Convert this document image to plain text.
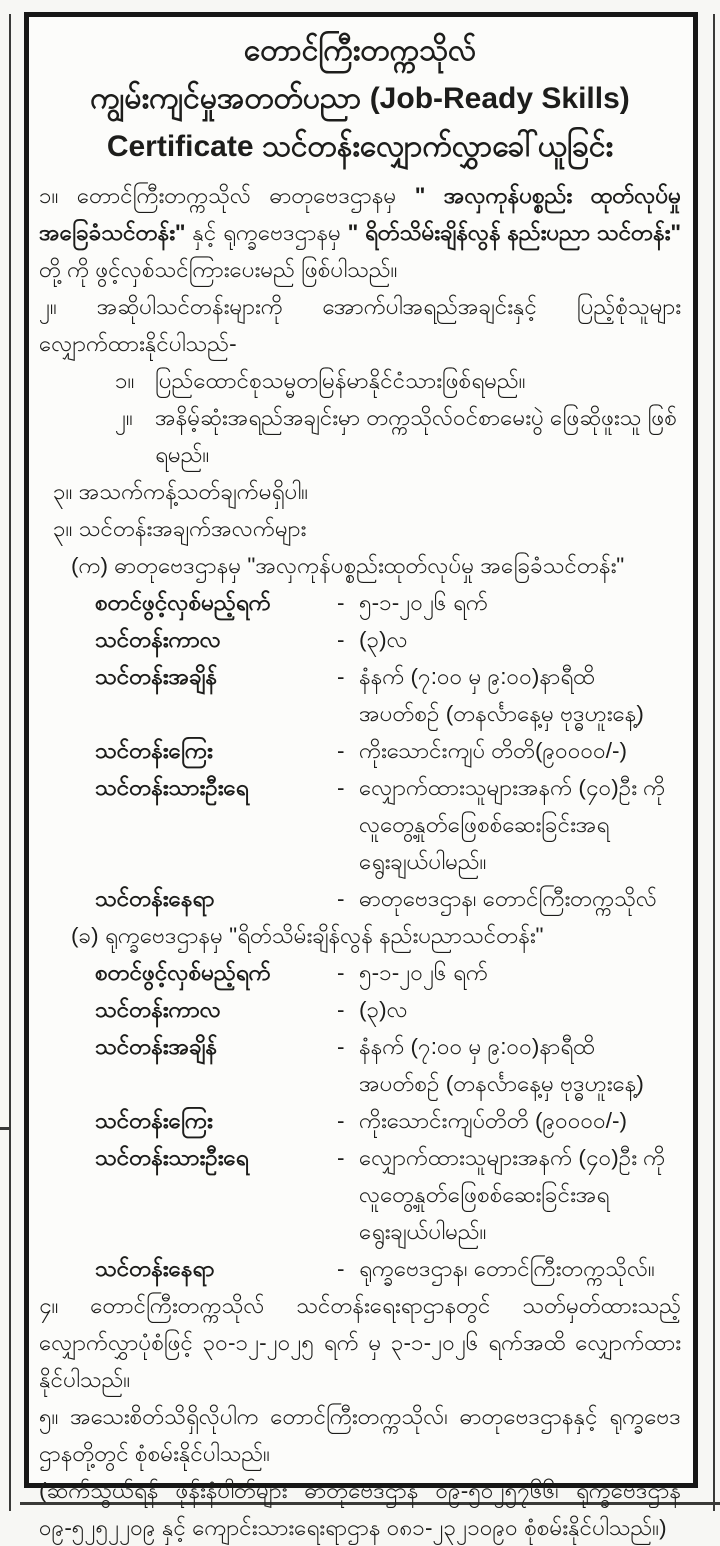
တောင်ကြီးတက္ကသိုလ်
ကျွမ်းကျင်မှုအတတ်ပညာ (Job-Ready Skills)
Certificate သင်တန်းလျှောက်လွှာခေါ်ယူခြင်း

၁။ တောင်ကြီးတက္ကသိုလ် ဓာတုဗေဒဌာနမှ " အလှကုန်ပစ္စည်း ထုတ်လုပ်မှု အခြေခံသင်တန်း" နှင့် ရုက္ခဗေဒဌာနမှ " ရိတ်သိမ်းချိန်လွန် နည်းပညာ သင်တန်း" တို့ ကို ဖွင့်လှစ်သင်ကြားပေးမည် ဖြစ်ပါသည်။

၂။ အဆိုပါသင်တန်းများကို အောက်ပါအရည်အချင်းနှင့် ပြည့်စုံသူများ လျှောက်ထားနိုင်ပါသည်-

၁။ ပြည်ထောင်စုသမ္မတမြန်မာနိုင်ငံသားဖြစ်ရမည်။
၂။ အနိမ့်ဆုံးအရည်အချင်းမှာ တက္ကသိုလ်ဝင်စာမေးပွဲ ဖြေဆိုဖူးသူ ဖြစ်ရမည်။
၃။ အသက်ကန့်သတ်ချက်မရှိပါ။
၃။ သင်တန်းအချက်အလက်များ
(က) ဓာတုဗေဒဌာနမှ "အလှကုန်ပစ္စည်းထုတ်လုပ်မှု အခြေခံသင်တန်း"
စတင်ဖွင့်လှစ်မည့်ရက်	- ၅-၁-၂၀၂၆ ရက်
သင်တန်းကာလ	- (၃)လ
သင်တန်းအချိန်	- နံနက် (၇:၀၀ မှ ၉:၀၀)နာရီထိ အပတ်စဉ် (တနင်္လာနေ့မှ ဗုဒ္ဓဟူးနေ့)
သင်တန်းကြေး	- ကိုးသောင်းကျပ် တိတိ(၉၀၀၀၀/-)
သင်တန်းသားဦးရေ	- လျှောက်ထားသူများအနက် (၄၀)ဦး ကိုလူတွေ့နှုတ်ဖြေစစ်ဆေးခြင်းအရ ရွေးချယ်ပါမည်။
သင်တန်းနေရာ	- ဓာတုဗေဒဌာန၊ တောင်ကြီးတက္ကသိုလ်
(ခ) ရုက္ခဗေဒဌာနမှ "ရိတ်သိမ်းချိန်လွန် နည်းပညာသင်တန်း"
စတင်ဖွင့်လှစ်မည့်ရက်	- ၅-၁-၂၀၂၆ ရက်
သင်တန်းကာလ	- (၃)လ
သင်တန်းအချိန်	- နံနက် (၇:၀၀ မှ ၉:၀၀)နာရီထိ အပတ်စဉ် (တနင်္လာနေ့မှ ဗုဒ္ဓဟူးနေ့)
သင်တန်းကြေး	- ကိုးသောင်းကျပ်တိတိ (၉၀၀၀၀/-)
သင်တန်းသားဦးရေ	- လျှောက်ထားသူများအနက် (၄၀)ဦး ကို လူတွေ့နှုတ်ဖြေစစ်ဆေးခြင်းအရ ရွေးချယ်ပါမည်။
သင်တန်းနေရာ	- ရုက္ခဗေဒဌာန၊ တောင်ကြီးတက္ကသိုလ်။

၄။ တောင်ကြီးတက္ကသိုလ် သင်တန်းရေးရာဌာနတွင် သတ်မှတ်ထားသည့် လျှောက်လွှာပုံစံဖြင့် ၃၀-၁၂-၂၀၂၅ ရက် မှ ၃-၁-၂၀၂၆ ရက်အထိ လျှောက်ထားနိုင်ပါသည်။

၅။ အသေးစိတ်သိရှိလိုပါက တောင်ကြီးတက္ကသိုလ်၊ ဓာတုဗေဒဌာနနှင့် ရုက္ခဗေဒဌာနတို့တွင် စုံစမ်းနိုင်ပါသည်။

(ဆက်သွယ်ရန် ဖုန်းနံပါတ်များ ဓာတုဗေဒဌာန ၀၉-၅၀၂၅၇၆၆၊ ရုက္ခဗေဒဌာန ၀၉-၅၂၅၂၂၀၉ နှင့် ကျောင်းသားရေးရာဌာန ၀၈၁-၂၃၂၁၀၉၀ စုံစမ်းနိုင်ပါသည်။)
